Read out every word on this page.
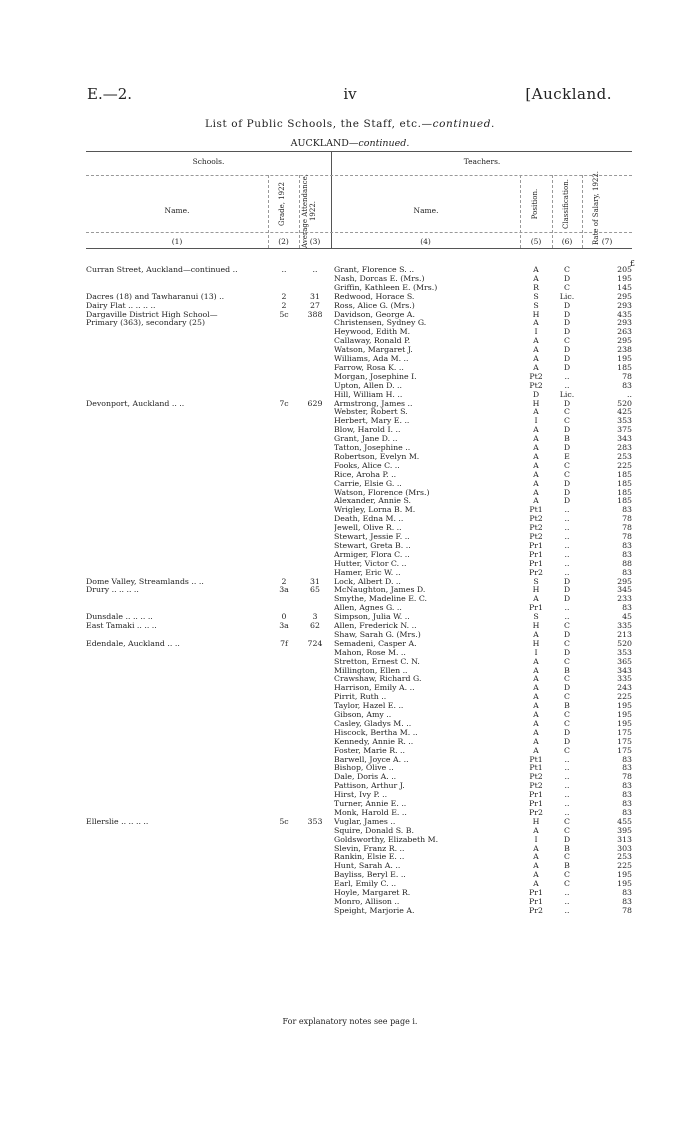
E.—2.	iv	[Auckland.
List of Public Schools, the Staff, etc.—continued.
AUCKLAND—continued.
Schools.	Teachers.
Name.	Name.
Grade, 1922 Average Attendance, 1922.	Position.	Classification.	Rate of Salary, 1922.
(1)	(2)	(3)	(4)	(5)	(6)	(7)
£
Curran Street, Auckland—continued ..	..	..	Grant, Florence S. ..	A	C	205
Nash, Dorcas E. (Mrs.)	A	D	195
Griffin, Kathleen E. (Mrs.)	R	C	145
Dacres (18) and Tawharanui (13) ..	2	31	Redwood, Horace S.	S	Lic.	295
Dairy Flat .. .. .. ..	2	27	Ross, Alice G. (Mrs.)	S	D	293
Dargaville District High School—	5c	388	Davidson, George A.	H	D	435
Primary (363), secondary (25)	Christensen, Sydney G.	A	D	293
Heywood, Edith M.	I	D	263
Callaway, Ronald P.	A	C	295
Watson, Margaret J.	A	D	238
Williams, Ada M. ..	A	D	195
Farrow, Rosa K. ..	A	D	185
Morgan, Josephine I.	Pt2	..	78
Upton, Allen D. ..	Pt2	..	83
Hill, William H. ..	D	Lic.	..
Devonport, Auckland .. ..	7c	629	Armstrong, James ..	H	D	520
Webster, Robert S.	A	C	425
Herbert, Mary E. ..	I	C	353
Blow, Harold I. ..	A	D	375
Grant, Jane D. ..	A	B	343
Tatton, Josephine ..	A	D	283
Robertson, Evelyn M.	A	E	253
Fooks, Alice C. ..	A	C	225
Rice, Aroha P. ..	A	C	185
Carrie, Elsie G. ..	A	D	185
Watson, Florence (Mrs.)	A	D	185
Alexander, Annie S.	A	D	185
Wrigley, Lorna B. M.	Pt1	..	83
Death, Edna M. ..	Pt2	..	78
Jewell, Olive R. ..	Pt2	..	78
Stewart, Jessie F. ..	Pt2	..	78
Stewart, Greta B. ..	Pr1	..	83
Armiger, Flora C. ..	Pr1	..	83
Hutter, Victor C. ..	Pr1	..	88
Hamer, Eric W. ..	Pr2	..	83
Dome Valley, Streamlands .. ..	2	31	Lock, Albert D. ..	S	D	295
Drury .. .. .. ..	3a	65	McNaughton, James D.	H	D	345
Smythe, Madeline E. C.	A	D	233
Allen, Agnes G. ..	Pr1	..	83
Dunsdale .. .. .. ..	0	3	Simpson, Julia W. ..	S	..	45
East Tamaki .. .. ..	3a	62	Allen, Frederick N. ..	H	C	335
Shaw, Sarah G. (Mrs.)	A	D	213
Edendale, Auckland .. ..	7f	724	Semadeni, Casper A.	H	C	520
Mahon, Rose M. ..	I	D	353
Stretton, Ernest C. N.	A	C	365
Millington, Ellen ..	A	B	343
Crawshaw, Richard G.	A	C	335
Harrison, Emily A. ..	A	D	243
Pirrit, Ruth ..	A	C	225
Taylor, Hazel E. ..	A	B	195
Gibson, Amy ..	A	C	195
Casley, Gladys M. ..	A	C	195
Hiscock, Bertha M. ..	A	D	175
Kennedy, Annie R. ..	A	D	175
Foster, Marie R. ..	A	C	175
Barwell, Joyce A. ..	Pt1	..	83
Bishop, Olive ..	Pt1	..	83
Dale, Doris A. ..	Pt2	..	78
Pattison, Arthur J.	Pt2	..	83
Hirst, Ivy P. ..	Pr1	..	83
Turner, Annie E. ..	Pr1	..	83
Monk, Harold E. ..	Pr2	..	83
Ellerslie .. .. .. ..	5c	353	Vuglar, James ..	H	C	455
Squire, Donald S. B.	A	C	395
Goldsworthy, Elizabeth M.	I	D	313
Slevin, Franz R. ..	A	B	303
Rankin, Elsie E. ..	A	C	253
Hunt, Sarah A. ..	A	B	225
Bayliss, Beryl E. ..	A	C	195
Earl, Emily C. ..	A	C	195
Hoyle, Margaret R.	Pr1	..	83
Monro, Allison ..	Pr1	..	83
Speight, Marjorie A.	Pr2	..	78
For explanatory notes see page i.
